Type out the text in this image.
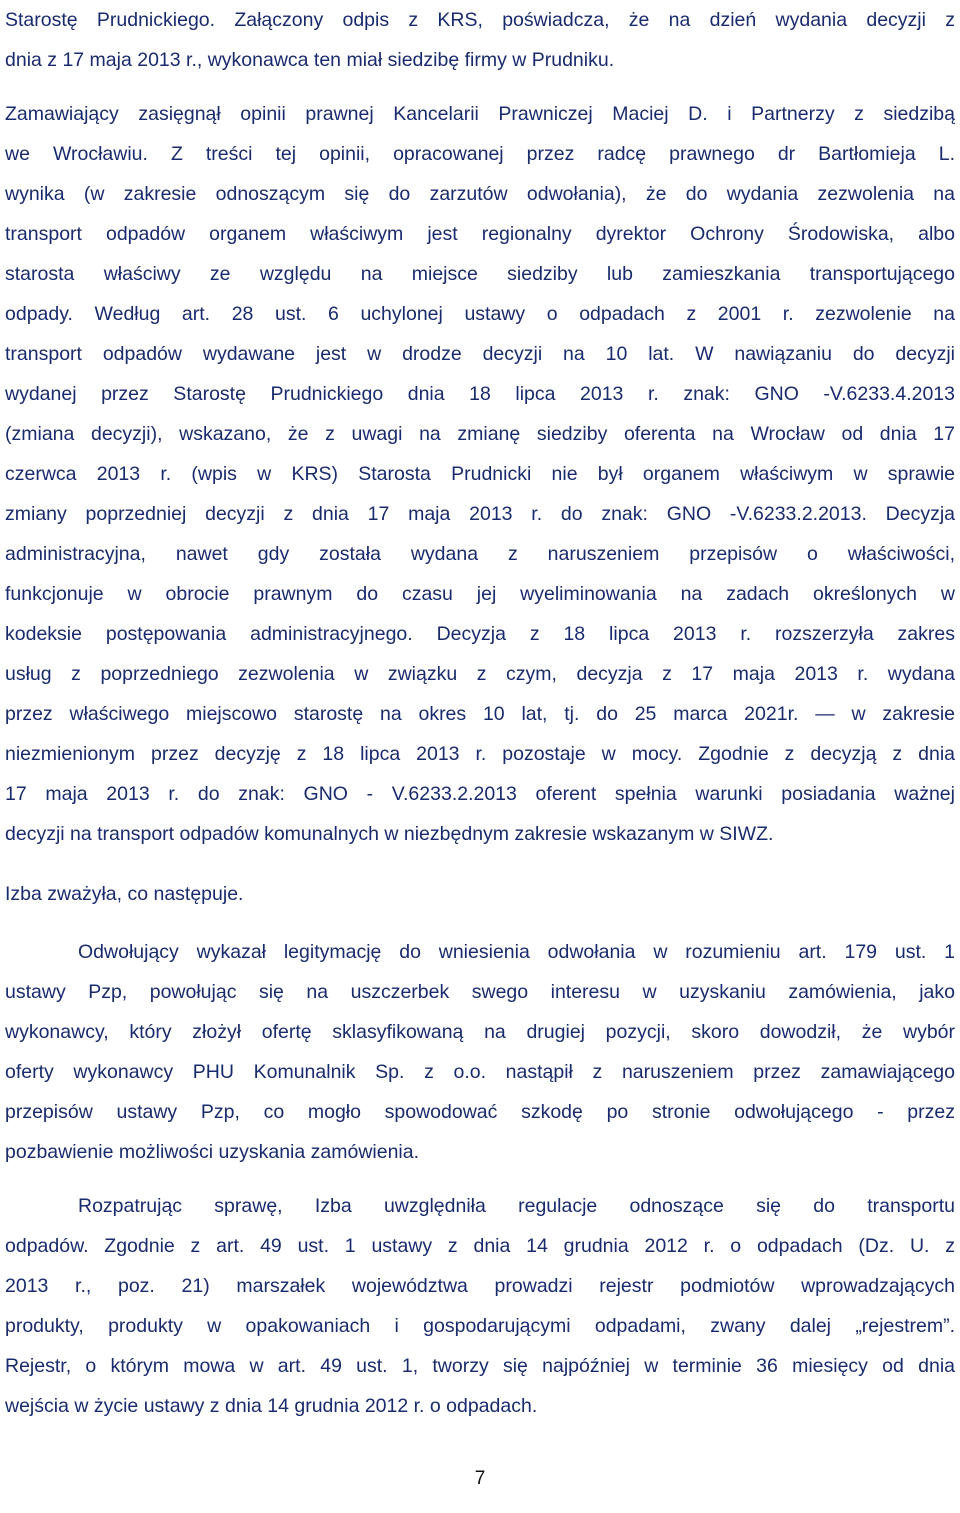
Starostę Prudnickiego. Załączony odpis z KRS, poświadcza, że na dzień wydania decyzji z
dnia z 17 maja 2013 r., wykonawca ten miał siedzibę firmy w Prudniku.
Zamawiający zasięgnął opinii prawnej Kancelarii Prawniczej Maciej D. i Partnerzy z siedzibą
we Wrocławiu. Z treści tej opinii, opracowanej przez radcę prawnego dr Bartłomieja L.
wynika (w zakresie odnoszącym się do zarzutów odwołania), że do wydania zezwolenia na
transport odpadów organem właściwym jest regionalny dyrektor Ochrony Środowiska, albo
starosta właściwy ze względu na miejsce siedziby lub zamieszkania transportującego
odpady. Według art. 28 ust. 6 uchylonej ustawy o odpadach z 2001 r. zezwolenie na
transport odpadów wydawane jest w drodze decyzji na 10 lat. W nawiązaniu do decyzji
wydanej przez Starostę Prudnickiego dnia 18 lipca 2013 r. znak: GNO -V.6233.4.2013
(zmiana decyzji), wskazano, że z uwagi na zmianę siedziby oferenta na Wrocław od dnia 17
czerwca 2013 r. (wpis w KRS) Starosta Prudnicki nie był organem właściwym w sprawie
zmiany poprzedniej decyzji z dnia 17 maja 2013 r. do znak: GNO -V.6233.2.2013. Decyzja
administracyjna, nawet gdy została wydana z naruszeniem przepisów o właściwości,
funkcjonuje w obrocie prawnym do czasu jej wyeliminowania na zadach określonych w
kodeksie postępowania administracyjnego. Decyzja z 18 lipca 2013 r. rozszerzyła zakres
usług z poprzedniego zezwolenia w związku z czym, decyzja z 17 maja 2013 r. wydana
przez właściwego miejscowo starostę na okres 10 lat, tj. do 25 marca 2021r. — w zakresie
niezmienionym przez decyzję z 18 lipca 2013 r. pozostaje w mocy. Zgodnie z decyzją z dnia
17 maja 2013 r. do znak: GNO - V.6233.2.2013 oferent spełnia warunki posiadania ważnej
decyzji na transport odpadów komunalnych w niezbędnym zakresie wskazanym w SIWZ.
Izba zważyła, co następuje.
Odwołujący wykazał legitymację do wniesienia odwołania w rozumieniu art. 179 ust. 1
ustawy Pzp, powołując się na uszczerbek swego interesu w uzyskaniu zamówienia, jako
wykonawcy, który złożył ofertę sklasyfikowaną na drugiej pozycji, skoro dowodził, że wybór
oferty wykonawcy PHU Komunalnik Sp. z o.o. nastąpił z naruszeniem przez zamawiającego
przepisów ustawy Pzp, co mogło spowodować szkodę po stronie odwołującego - przez
pozbawienie możliwości uzyskania zamówienia.
Rozpatrując sprawę, Izba uwzględniła regulacje odnoszące się do transportu
odpadów. Zgodnie z art. 49 ust. 1 ustawy z dnia 14 grudnia 2012 r. o odpadach (Dz. U. z
2013 r., poz. 21) marszałek województwa prowadzi rejestr podmiotów wprowadzających
produkty, produkty w opakowaniach i gospodarującymi odpadami, zwany dalej „rejestrem”.
Rejestr, o którym mowa w art. 49 ust. 1, tworzy się najpóźniej w terminie 36 miesięcy od dnia
wejścia w życie ustawy z dnia 14 grudnia 2012 r. o odpadach.
7
